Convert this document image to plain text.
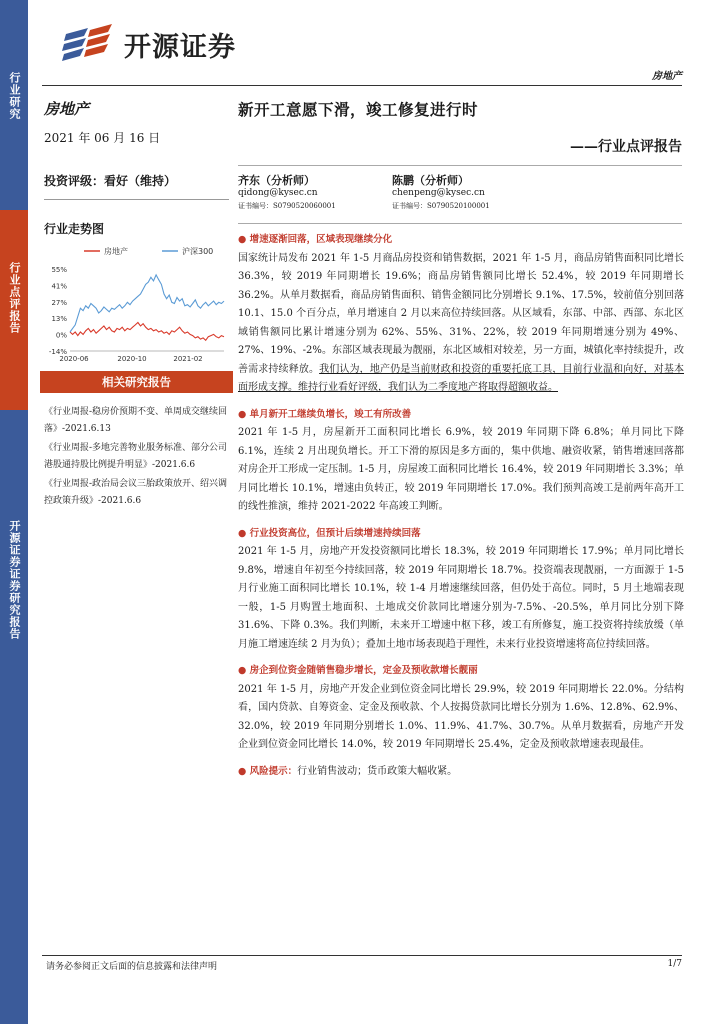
行业研究
行业点评报告
开源证券证券研究报告
开源证券
房地产

房地产

2021 年 06 月 16 日
投资评级：看好（维持）
行业走势图
房地产	沪深300
55%
41%
27%
13%
0%
-14%
2020-06	2020-10	2021-02
相关研究报告

《行业周报-稳房价预期不变、单周成交继续回落》-2021.6.13

《行业周报-多地完善物业服务标准、部分公司港股通持股比例提升明显》-2021.6.6

《行业周报-政治局会议三胎政策放开、绍兴调控政策升级》-2021.6.6

新开工意愿下滑，竣工修复进行时

——行业点评报告
齐东（分析师）
qidong@kysec.cn
证书编号：S0790520060001
陈鹏（分析师）
chenpeng@kysec.cn
证书编号：S0790520100001
● 增速逐渐回落，区域表现继续分化

国家统计局发布 2021 年 1-5 月商品房投资和销售数据，2021 年 1-5 月，商品房销售面积同比增长 36.3%，较 2019 年同期增长 19.6%；商品房销售额同比增长 52.4%，较 2019 年同期增长 36.2%。从单月数据看，商品房销售面积、销售金额同比分别增长 9.1%、17.5%，较前值分别回落 10.1、15.0 个百分点，单月增速自 2 月以来高位持续回落。从区域看，东部、中部、西部、东北区域销售额同比累计增速分别为 62%、55%、31%、22%，较 2019 年同期增速分别为 49%、27%、19%、-2%。东部区域表现最为靓丽，东北区域相对较差，另一方面，城镇化率持续提升，改善需求持续释放。我们认为，地产仍是当前财政和投资的重要托底工具，目前行业温和向好，对基本面形成支撑。维持行业看好评级，我们认为二季度地产将取得超额收益。

● 单月新开工继续负增长，竣工有所改善

2021 年 1-5 月，房屋新开工面积同比增长 6.9%，较 2019 年同期下降 6.8%；单月同比下降 6.1%，连续 2 月出现负增长。开工下滑的原因是多方面的，集中供地、融资收紧，销售增速回落都对房企开工形成一定压制。1-5 月，房屋竣工面积同比增长 16.4%，较 2019 年同期增长 3.3%；单月同比增长 10.1%，增速由负转正，较 2019 年同期增长 17.0%。我们预判高竣工是前两年高开工的线性推演，维持 2021-2022 年高竣工判断。

● 行业投资高位，但预计后续增速持续回落

2021 年 1-5 月，房地产开发投资额同比增长 18.3%，较 2019 年同期增长 17.9%；单月同比增长 9.8%，增速自年初至今持续回落，较 2019 年同期增长 18.7%。投资端表现靓丽，一方面源于 1-5 月行业施工面积同比增长 10.1%，较 1-4 月增速继续回落，但仍处于高位。同时，5 月土地端表现一般，1-5 月购置土地面积、土地成交价款同比增速分别为-7.5%、-20.5%，单月同比分别下降 31.6%、下降 0.3%。我们判断，未来开工增速中枢下移，竣工有所修复，施工投资将持续放缓（单月施工增速连续 2 月为负）；叠加土地市场表现趋于理性，未来行业投资增速将高位持续回落。

● 房企到位资金随销售稳步增长，定金及预收款增长靓丽

2021 年 1-5 月，房地产开发企业到位资金同比增长 29.9%，较 2019 年同期增长 22.0%。分结构看，国内贷款、自筹资金、定金及预收款、个人按揭贷款同比增长分别为 1.6%、12.8%、62.9%、32.0%，较 2019 年同期分别增长 1.0%、11.9%、41.7%、30.7%。从单月数据看，房地产开发企业到位资金同比增长 14.0%，较 2019 年同期增长 25.4%，定金及预收款增速表现最佳。

● 风险提示：行业销售波动；货币政策大幅收紧。

请务必参阅正文后面的信息披露和法律声明	1/7
